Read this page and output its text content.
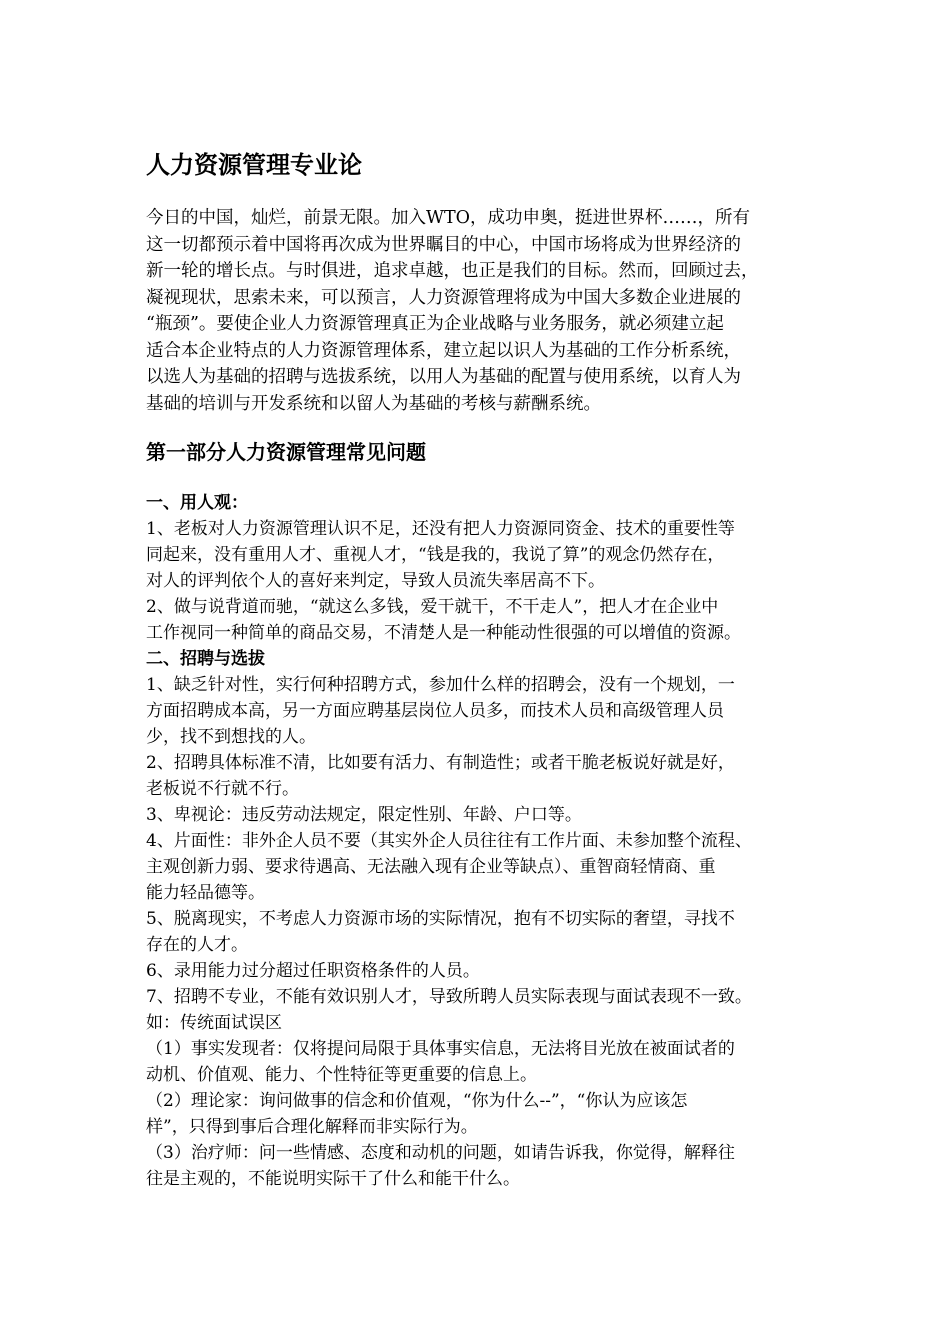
人力资源管理专业论
今日的中国，灿烂，前景无限。加入WTO，成功申奥，挺进世界杯……，所有
这一切都预示着中国将再次成为世界瞩目的中心，中国市场将成为世界经济的
新一轮的增长点。与时俱进，追求卓越，也正是我们的目标。然而，回顾过去，
凝视现状，思索未来，可以预言，人力资源管理将成为中国大多数企业进展的
“瓶颈”。要使企业人力资源管理真正为企业战略与业务服务，就必须建立起
适合本企业特点的人力资源管理体系，建立起以识人为基础的工作分析系统，
以选人为基础的招聘与选拔系统，以用人为基础的配置与使用系统，以育人为
基础的培训与开发系统和以留人为基础的考核与薪酬系统。
第一部分人力资源管理常见问题
一、用人观：
1、老板对人力资源管理认识不足，还没有把人力资源同资金、技术的重要性等
同起来，没有重用人才、重视人才，“钱是我的，我说了算”的观念仍然存在，
对人的评判依个人的喜好来判定，导致人员流失率居高不下。
2、做与说背道而驰，“就这么多钱，爱干就干，不干走人”，把人才在企业中
工作视同一种简单的商品交易，不清楚人是一种能动性很强的可以增值的资源。
二、招聘与选拔
1、缺乏针对性，实行何种招聘方式，参加什么样的招聘会，没有一个规划，一
方面招聘成本高，另一方面应聘基层岗位人员多，而技术人员和高级管理人员
少，找不到想找的人。
2、招聘具体标准不清，比如要有活力、有制造性；或者干脆老板说好就是好，
老板说不行就不行。
3、卑视论：违反劳动法规定，限定性别、年龄、户口等。
4、片面性：非外企人员不要（其实外企人员往往有工作片面、未参加整个流程、
主观创新力弱、要求待遇高、无法融入现有企业等缺点）、重智商轻情商、重
能力轻品德等。
5、脱离现实，不考虑人力资源市场的实际情况，抱有不切实际的奢望，寻找不
存在的人才。
6、录用能力过分超过任职资格条件的人员。
7、招聘不专业，不能有效识别人才，导致所聘人员实际表现与面试表现不一致。
如：传统面试误区
（1）事实发现者：仅将提问局限于具体事实信息，无法将目光放在被面试者的
动机、价值观、能力、个性特征等更重要的信息上。
（2）理论家：询问做事的信念和价值观，“你为什么--”，“你认为应该怎
样”，只得到事后合理化解释而非实际行为。
（3）治疗师：问一些情感、态度和动机的问题，如请告诉我，你觉得，解释往
往是主观的，不能说明实际干了什么和能干什么。
